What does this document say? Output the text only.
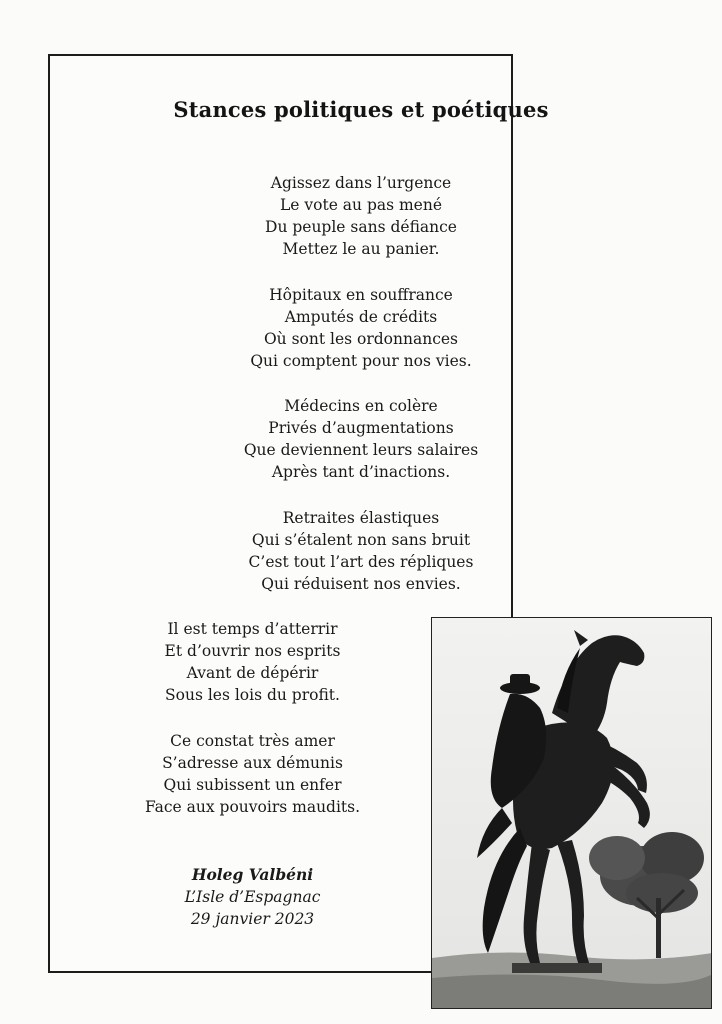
Stances politiques et poétiques
Agissez dans l’urgence
Le vote au pas mené
Du peuple sans défiance
Mettez le au panier.
Hôpitaux en souffrance
Amputés de crédits
Où sont les ordonnances
Qui comptent pour nos vies.
Médecins en colère
Privés d’augmentations
Que deviennent leurs salaires
Après tant d’inactions.
Retraites élastiques
Qui s’étalent non sans bruit
C’est tout l’art des répliques
Qui réduisent nos envies.
Il est temps d’atterrir
Et d’ouvrir nos esprits
Avant de dépérir
Sous les lois du profit.
Ce constat très amer
S’adresse aux démunis
Qui subissent un enfer
Face aux pouvoirs maudits.
Holeg Valbéni
L’Isle d’Espagnac
29 janvier 2023
